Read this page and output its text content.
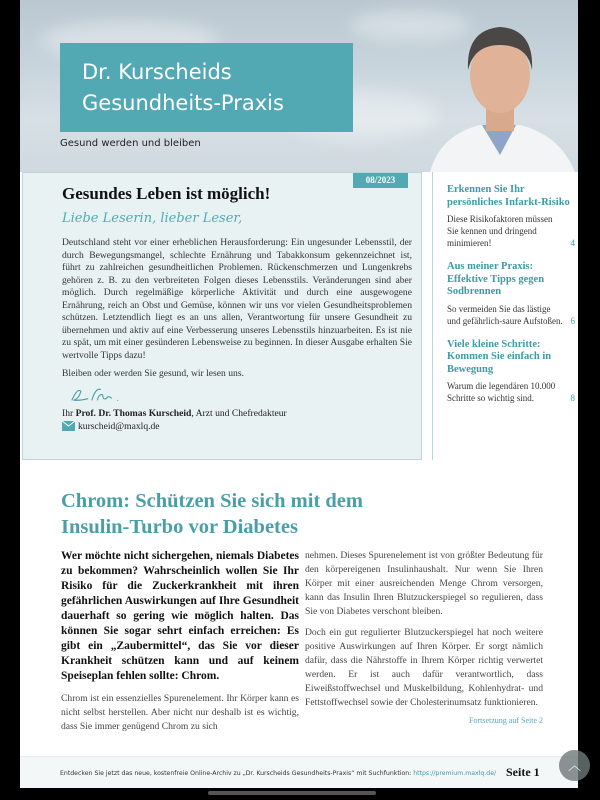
Dr. Kurscheids
Gesundheits-Praxis
Gesund werden und bleiben
08/2023
Gesundes Leben ist möglich!
Liebe Leserin, lieber Leser,

Deutschland steht vor einer erheblichen Herausforderung: Ein ungesunder Lebensstil, der durch Bewegungsmangel, schlechte Ernährung und Tabakkonsum gekennzeichnet ist, führt zu zahlreichen gesundheitlichen Problemen. Rückenschmerzen und Lungenkrebs gehören z. B. zu den verbreiteten Folgen dieses Lebensstils. Veränderungen sind aber möglich. Durch regelmäßige körperliche Aktivität und durch eine ausgewogene Ernährung, reich an Obst und Gemüse, können wir uns vor vielen Gesundheitsproblemen schützen. Letztendlich liegt es an uns allen, Verantwortung für unsere Gesundheit zu übernehmen und aktiv auf eine Verbesserung unseres Lebensstils hinzuarbeiten. Es ist nie zu spät, um mit einer gesünderen Lebensweise zu beginnen. In dieser Ausgabe erhalten Sie wertvolle Tipps dazu!

Bleiben oder werden Sie gesund, wir lesen uns.
Ihr Prof. Dr. Thomas Kurscheid, Arzt und Chefredakteur
kurscheid@maxlq.de
Erkennen Sie Ihr persönliches Infarkt-Risiko

Diese Risikofaktoren müssen Sie kennen und dringend minimieren!	4

Aus meiner Praxis: Effektive Tipps gegen Sodbrennen

So vermeiden Sie das lästige und gefährlich-saure Aufstoßen. 6

Viele kleine Schritte: Kommen Sie einfach in Bewegung

Warum die legendären 10.000 Schritte so wichtig sind.	8

Chrom: Schützen Sie sich mit dem Insulin-Turbo vor Diabetes

Wer möchte nicht sichergehen, niemals Diabetes zu bekommen? Wahrscheinlich wollen Sie Ihr Risiko für die Zuckerkrankheit mit ihren gefährlichen Auswirkungen auf Ihre Gesundheit dauerhaft so gering wie möglich halten. Das können Sie sogar sehrt einfach erreichen: Es gibt ein „Zaubermittel“, das Sie vor dieser Krankheit schützen kann und auf keinem Speiseplan fehlen sollte: Chrom.

Chrom ist ein essenzielles Spurenelement. Ihr Körper kann es nicht selbst herstellen. Aber nicht nur deshalb ist es wichtig, dass Sie immer genügend Chrom zu sich

nehmen. Dieses Spurenelement ist von größter Bedeutung für den körpereigenen Insulinhaushalt. Nur wenn Sie Ihren Körper mit einer ausreichenden Menge Chrom versorgen, kann das Insulin Ihren Blutzuckerspiegel so regulieren, dass Sie von Diabetes verschont bleiben.

Doch ein gut regulierter Blutzuckerspiegel hat noch weitere positive Auswirkungen auf Ihren Körper. Er sorgt nämlich dafür, dass die Nährstoffe in Ihrem Körper richtig verwertet werden. Er ist auch dafür verantwortlich, dass Eiweißstoffwechsel und Muskelbildung, Kohlenhydrat- und Fettstoffwechsel sowie der Cholesterinumsatz funktionieren.

Fortsetzung auf Seite 2
Entdecken Sie jetzt das neue, kostenfreie Online-Archiv zu „Dr. Kurscheids Gesundheits-Praxis“ mit Suchfunktion: https://premium.maxlq.de/ Seite 1	︿
